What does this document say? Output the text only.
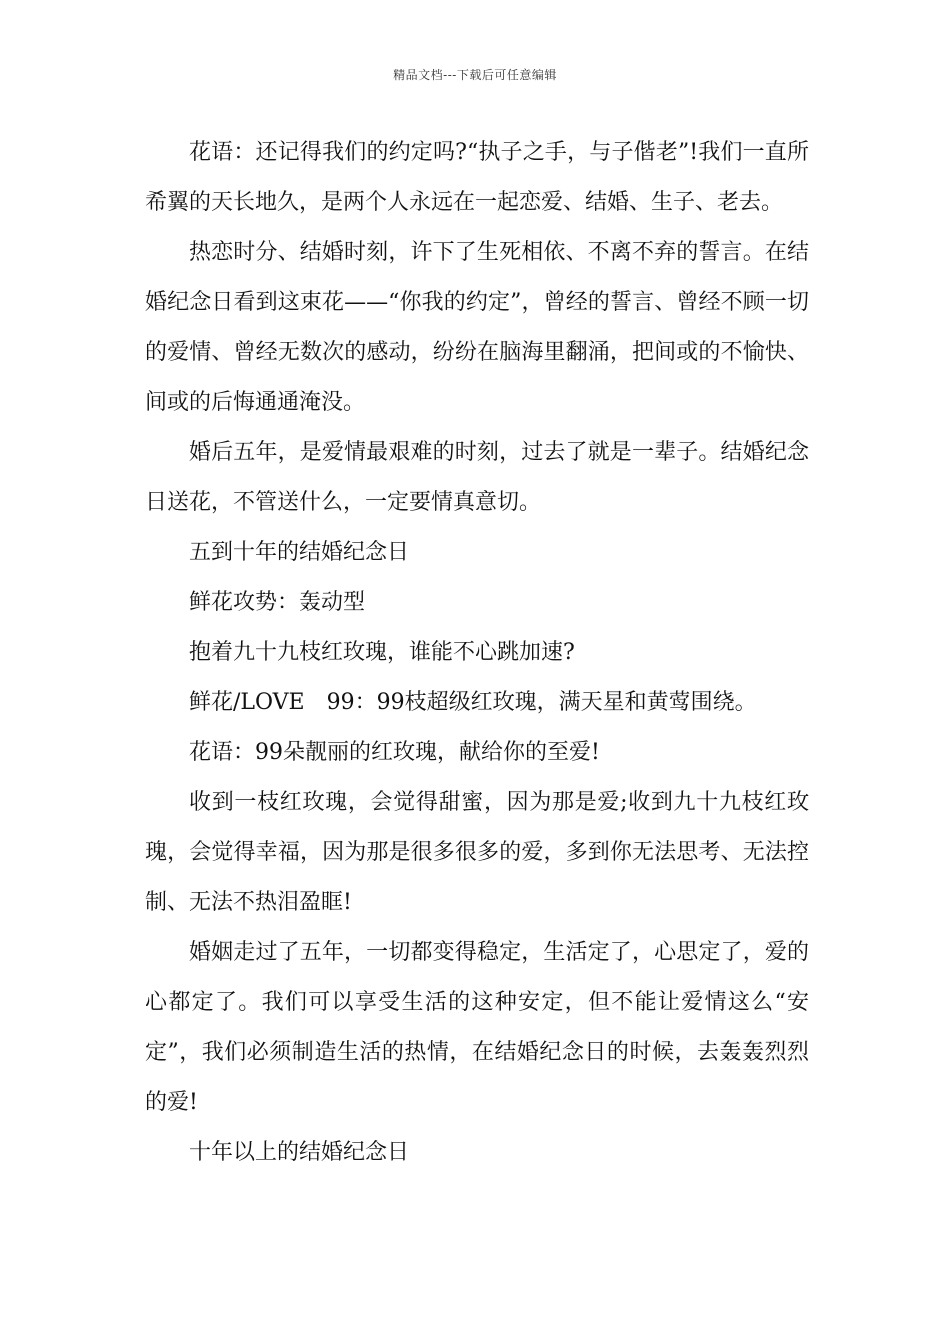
精品文档---下载后可任意编辑

花语：还记得我们的约定吗?“执子之手，与子偕老”!我们一直所希翼的天长地久，是两个人永远在一起恋爱、结婚、生子、老去。

热恋时分、结婚时刻，许下了生死相依、不离不弃的誓言。在结婚纪念日看到这束花——“你我的约定”，曾经的誓言、曾经不顾一切的爱情、曾经无数次的感动，纷纷在脑海里翻涌，把间或的不愉快、间或的后悔通通淹没。

婚后五年，是爱情最艰难的时刻，过去了就是一辈子。结婚纪念日送花，不管送什么，一定要情真意切。

五到十年的结婚纪念日

鲜花攻势：轰动型

抱着九十九枝红玫瑰，谁能不心跳加速?

鲜花/LOVE　99：99枝超级红玫瑰，满天星和黄莺围绕。

花语：99朵靓丽的红玫瑰，献给你的至爱!

收到一枝红玫瑰，会觉得甜蜜，因为那是爱;收到九十九枝红玫瑰，会觉得幸福，因为那是很多很多的爱，多到你无法思考、无法控制、无法不热泪盈眶!

婚姻走过了五年，一切都变得稳定，生活定了，心思定了，爱的心都定了。我们可以享受生活的这种安定，但不能让爱情这么“安定”，我们必须制造生活的热情，在结婚纪念日的时候，去轰轰烈烈的爱!

十年以上的结婚纪念日
